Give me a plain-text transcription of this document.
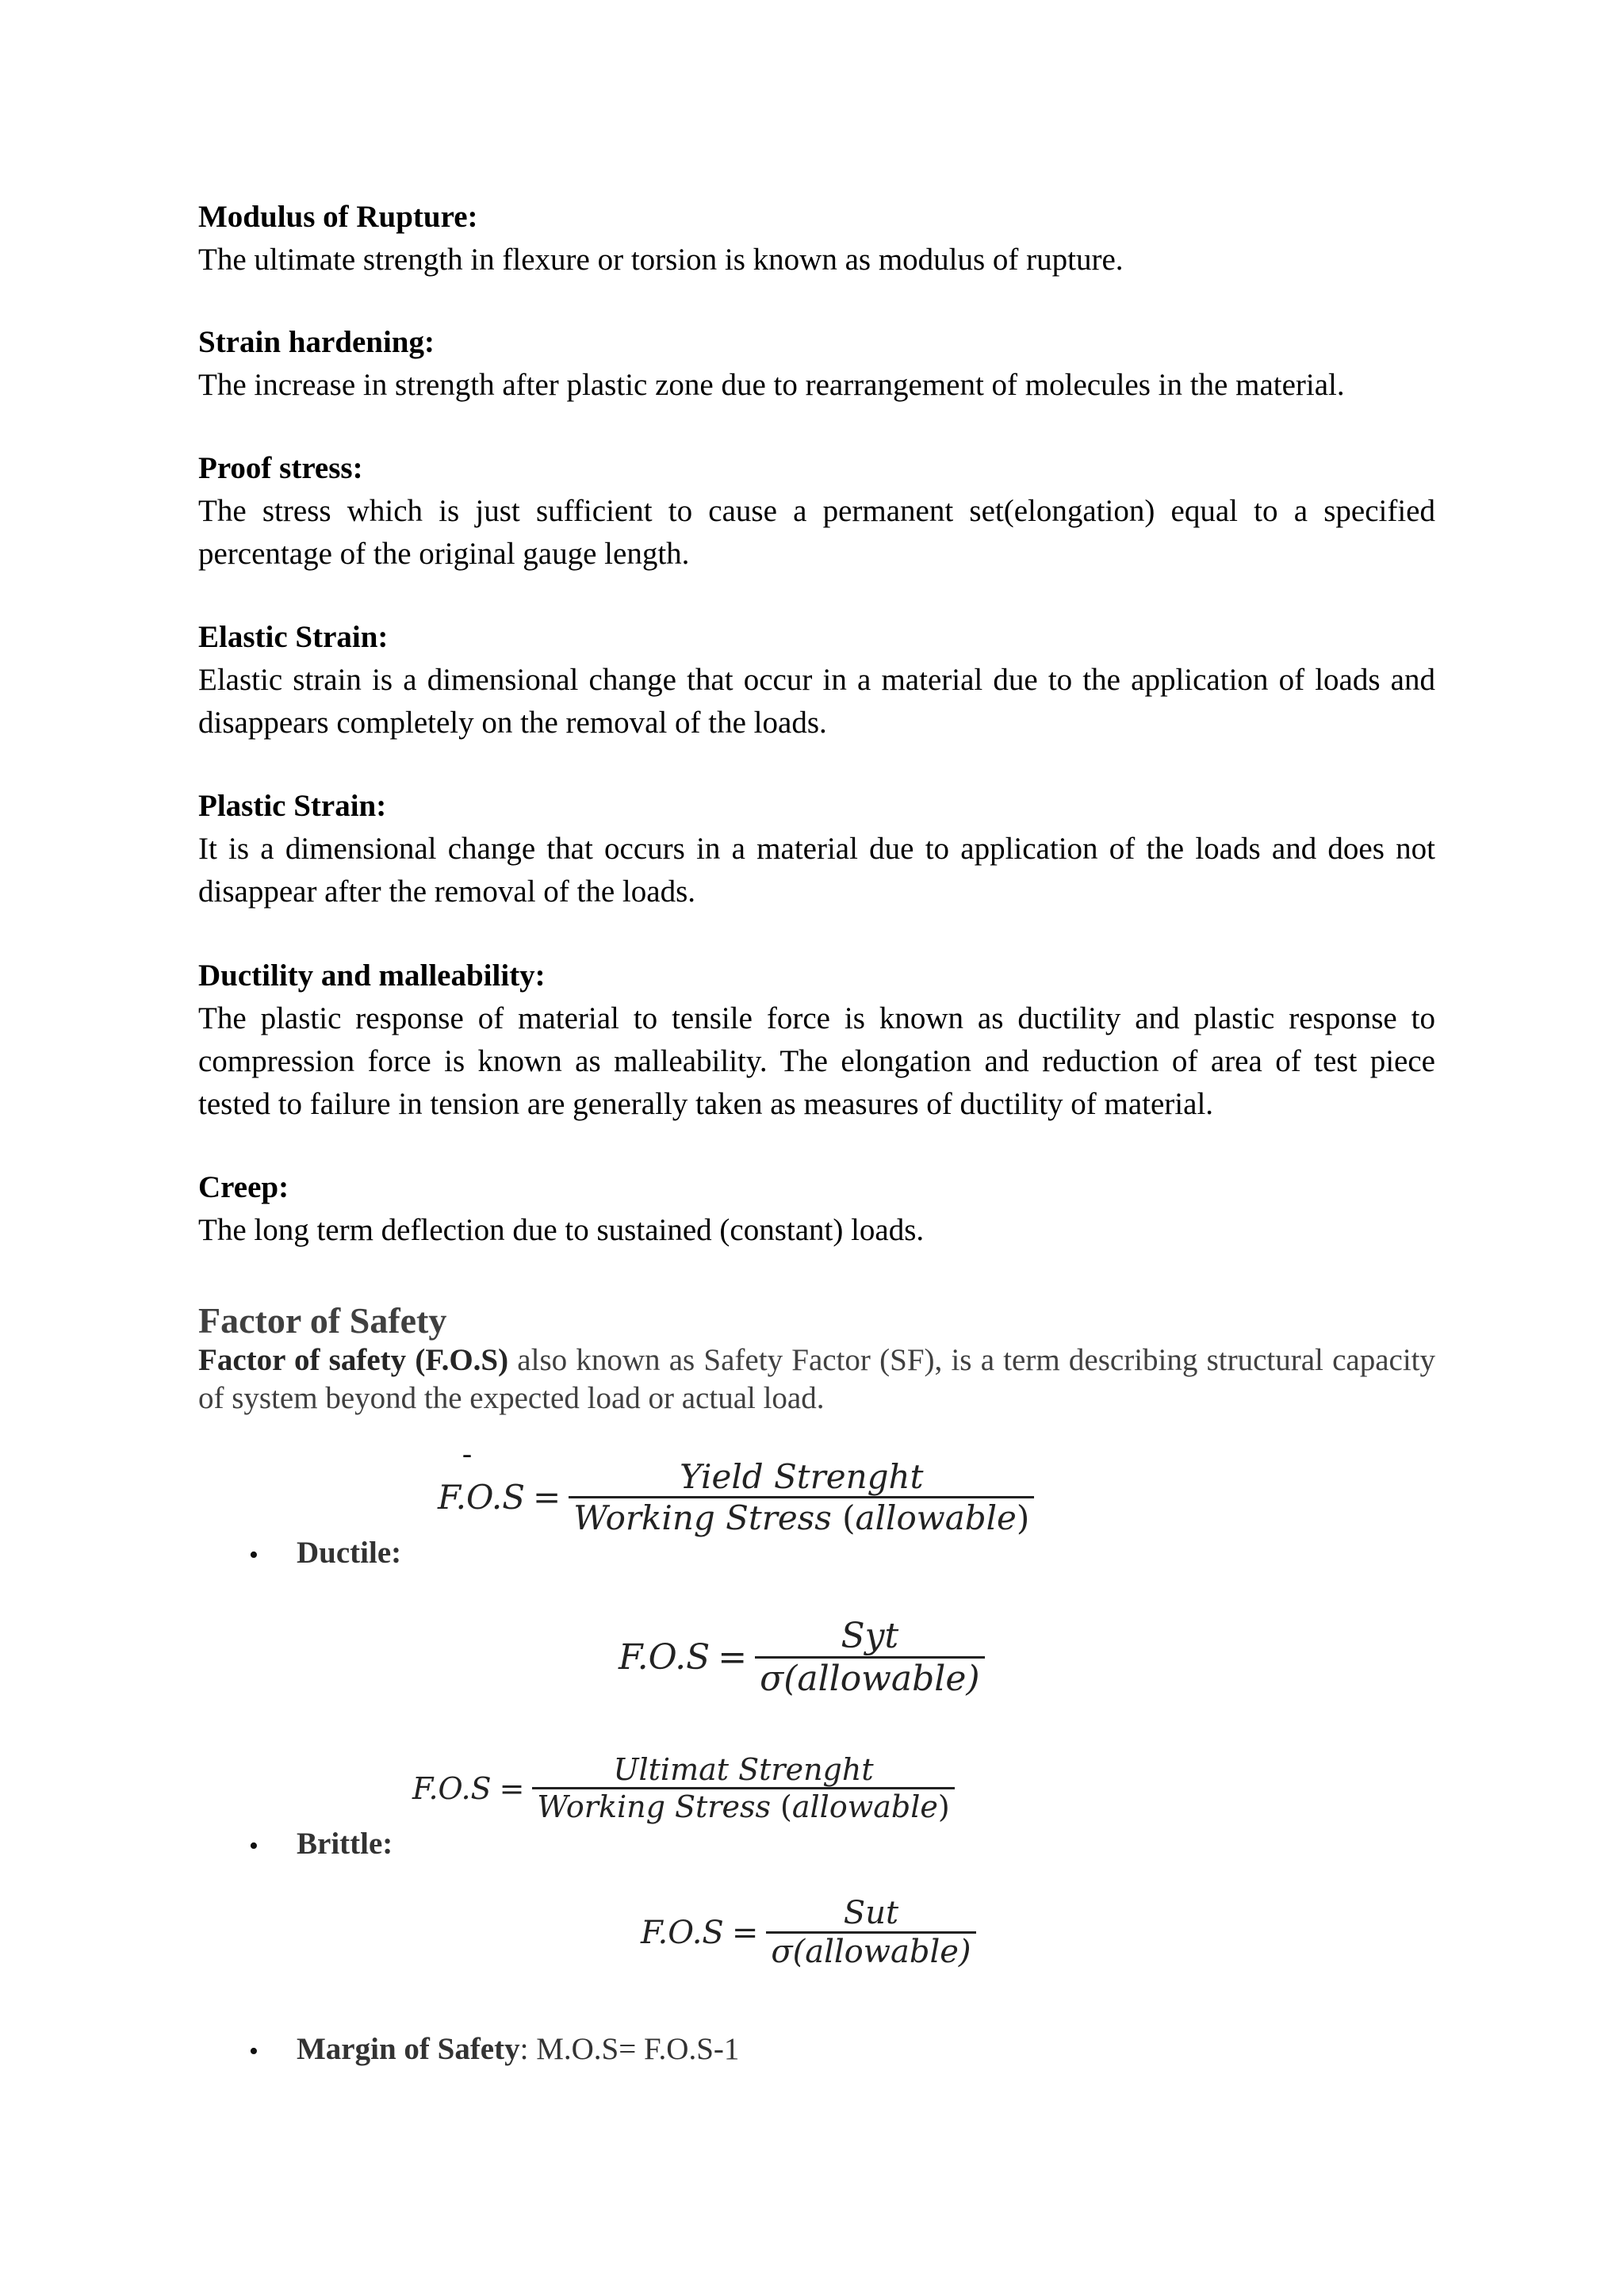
Modulus of Rupture:

The ultimate strength in flexure or torsion is known as modulus of rupture.

Strain hardening:

The increase in strength after plastic zone due to rearrangement of molecules in the material.

Proof stress:

The stress which is just sufficient to cause a permanent set(elongation) equal to a specified percentage of the original gauge length.

Elastic Strain:

Elastic strain is a dimensional change that occur in a material due to the application of loads and disappears completely on the removal of the loads.

Plastic Strain:

It is a dimensional change that occurs in a material due to application of the loads and does not disappear after the removal of the loads.

Ductility and malleability:

The plastic response of material to tensile force is known as ductility and plastic response to compression force is known as malleability. The elongation and reduction of area of test piece tested to failure in tension are generally taken as measures of ductility of material.

Creep:

The long term deflection due to sustained (constant) loads.

Factor of Safety

Factor of safety (F.O.S) also known as Safety Factor (SF), is a term describing structural capacity of system beyond the expected load or actual load.

-
$F.O.S = \frac{\text{Yield Strenght}}{\text{Working Stress (allowable)}}$
• Ductile:
$F.O.S = \frac{\text{Syt}}{\text{σ(allowable)}}$
$F.O.S = \frac{\text{Ultimat Strenght}}{\text{Working Stress (allowable)}}$
• Brittle:
$F.O.S = \frac{\text{Sut}}{\text{σ(allowable)}}$
• Margin of Safety: M.O.S= F.O.S-1
